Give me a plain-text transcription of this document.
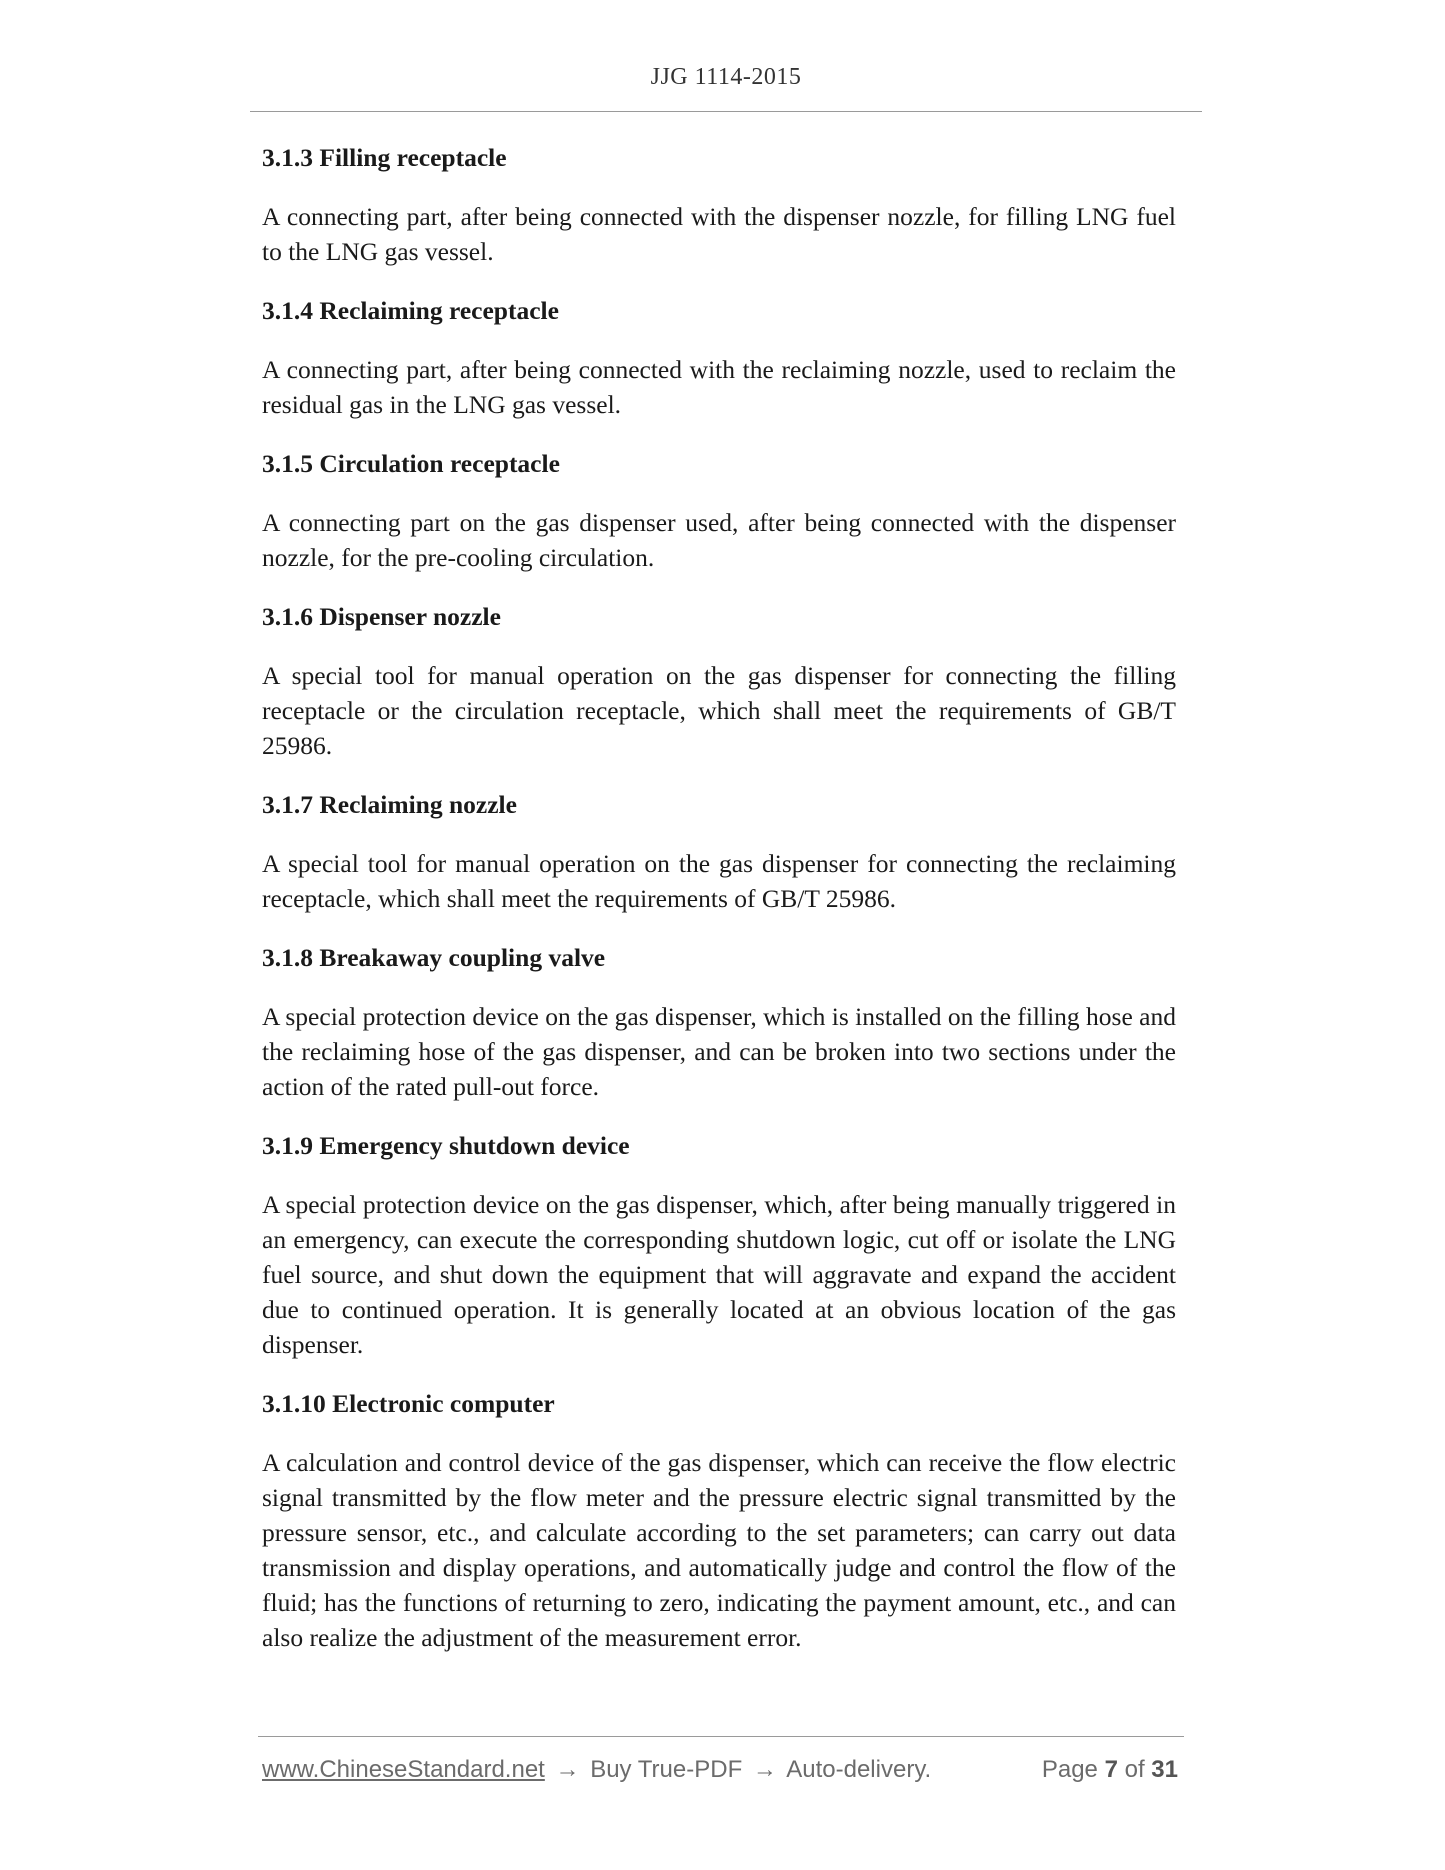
JJG 1114-2015

3.1.3 Filling receptacle

A connecting part, after being connected with the dispenser nozzle, for filling LNG fuel to the LNG gas vessel.

3.1.4 Reclaiming receptacle

A connecting part, after being connected with the reclaiming nozzle, used to reclaim the residual gas in the LNG gas vessel.

3.1.5 Circulation receptacle

A connecting part on the gas dispenser used, after being connected with the dispenser nozzle, for the pre-cooling circulation.

3.1.6 Dispenser nozzle

A special tool for manual operation on the gas dispenser for connecting the filling receptacle or the circulation receptacle, which shall meet the requirements of GB/T 25986.

3.1.7 Reclaiming nozzle

A special tool for manual operation on the gas dispenser for connecting the reclaiming receptacle, which shall meet the requirements of GB/T 25986.

3.1.8 Breakaway coupling valve

A special protection device on the gas dispenser, which is installed on the filling hose and the reclaiming hose of the gas dispenser, and can be broken into two sections under the action of the rated pull-out force.

3.1.9 Emergency shutdown device

A special protection device on the gas dispenser, which, after being manually triggered in an emergency, can execute the corresponding shutdown logic, cut off or isolate the LNG fuel source, and shut down the equipment that will aggravate and expand the accident due to continued operation. It is generally located at an obvious location of the gas dispenser.

3.1.10 Electronic computer

A calculation and control device of the gas dispenser, which can receive the flow electric signal transmitted by the flow meter and the pressure electric signal transmitted by the pressure sensor, etc., and calculate according to the set parameters; can carry out data transmission and display operations, and automatically judge and control the flow of the fluid; has the functions of returning to zero, indicating the payment amount, etc., and can also realize the adjustment of the measurement error.

www.ChineseStandard.net → Buy True-PDF → Auto-delivery.	Page 7 of 31
